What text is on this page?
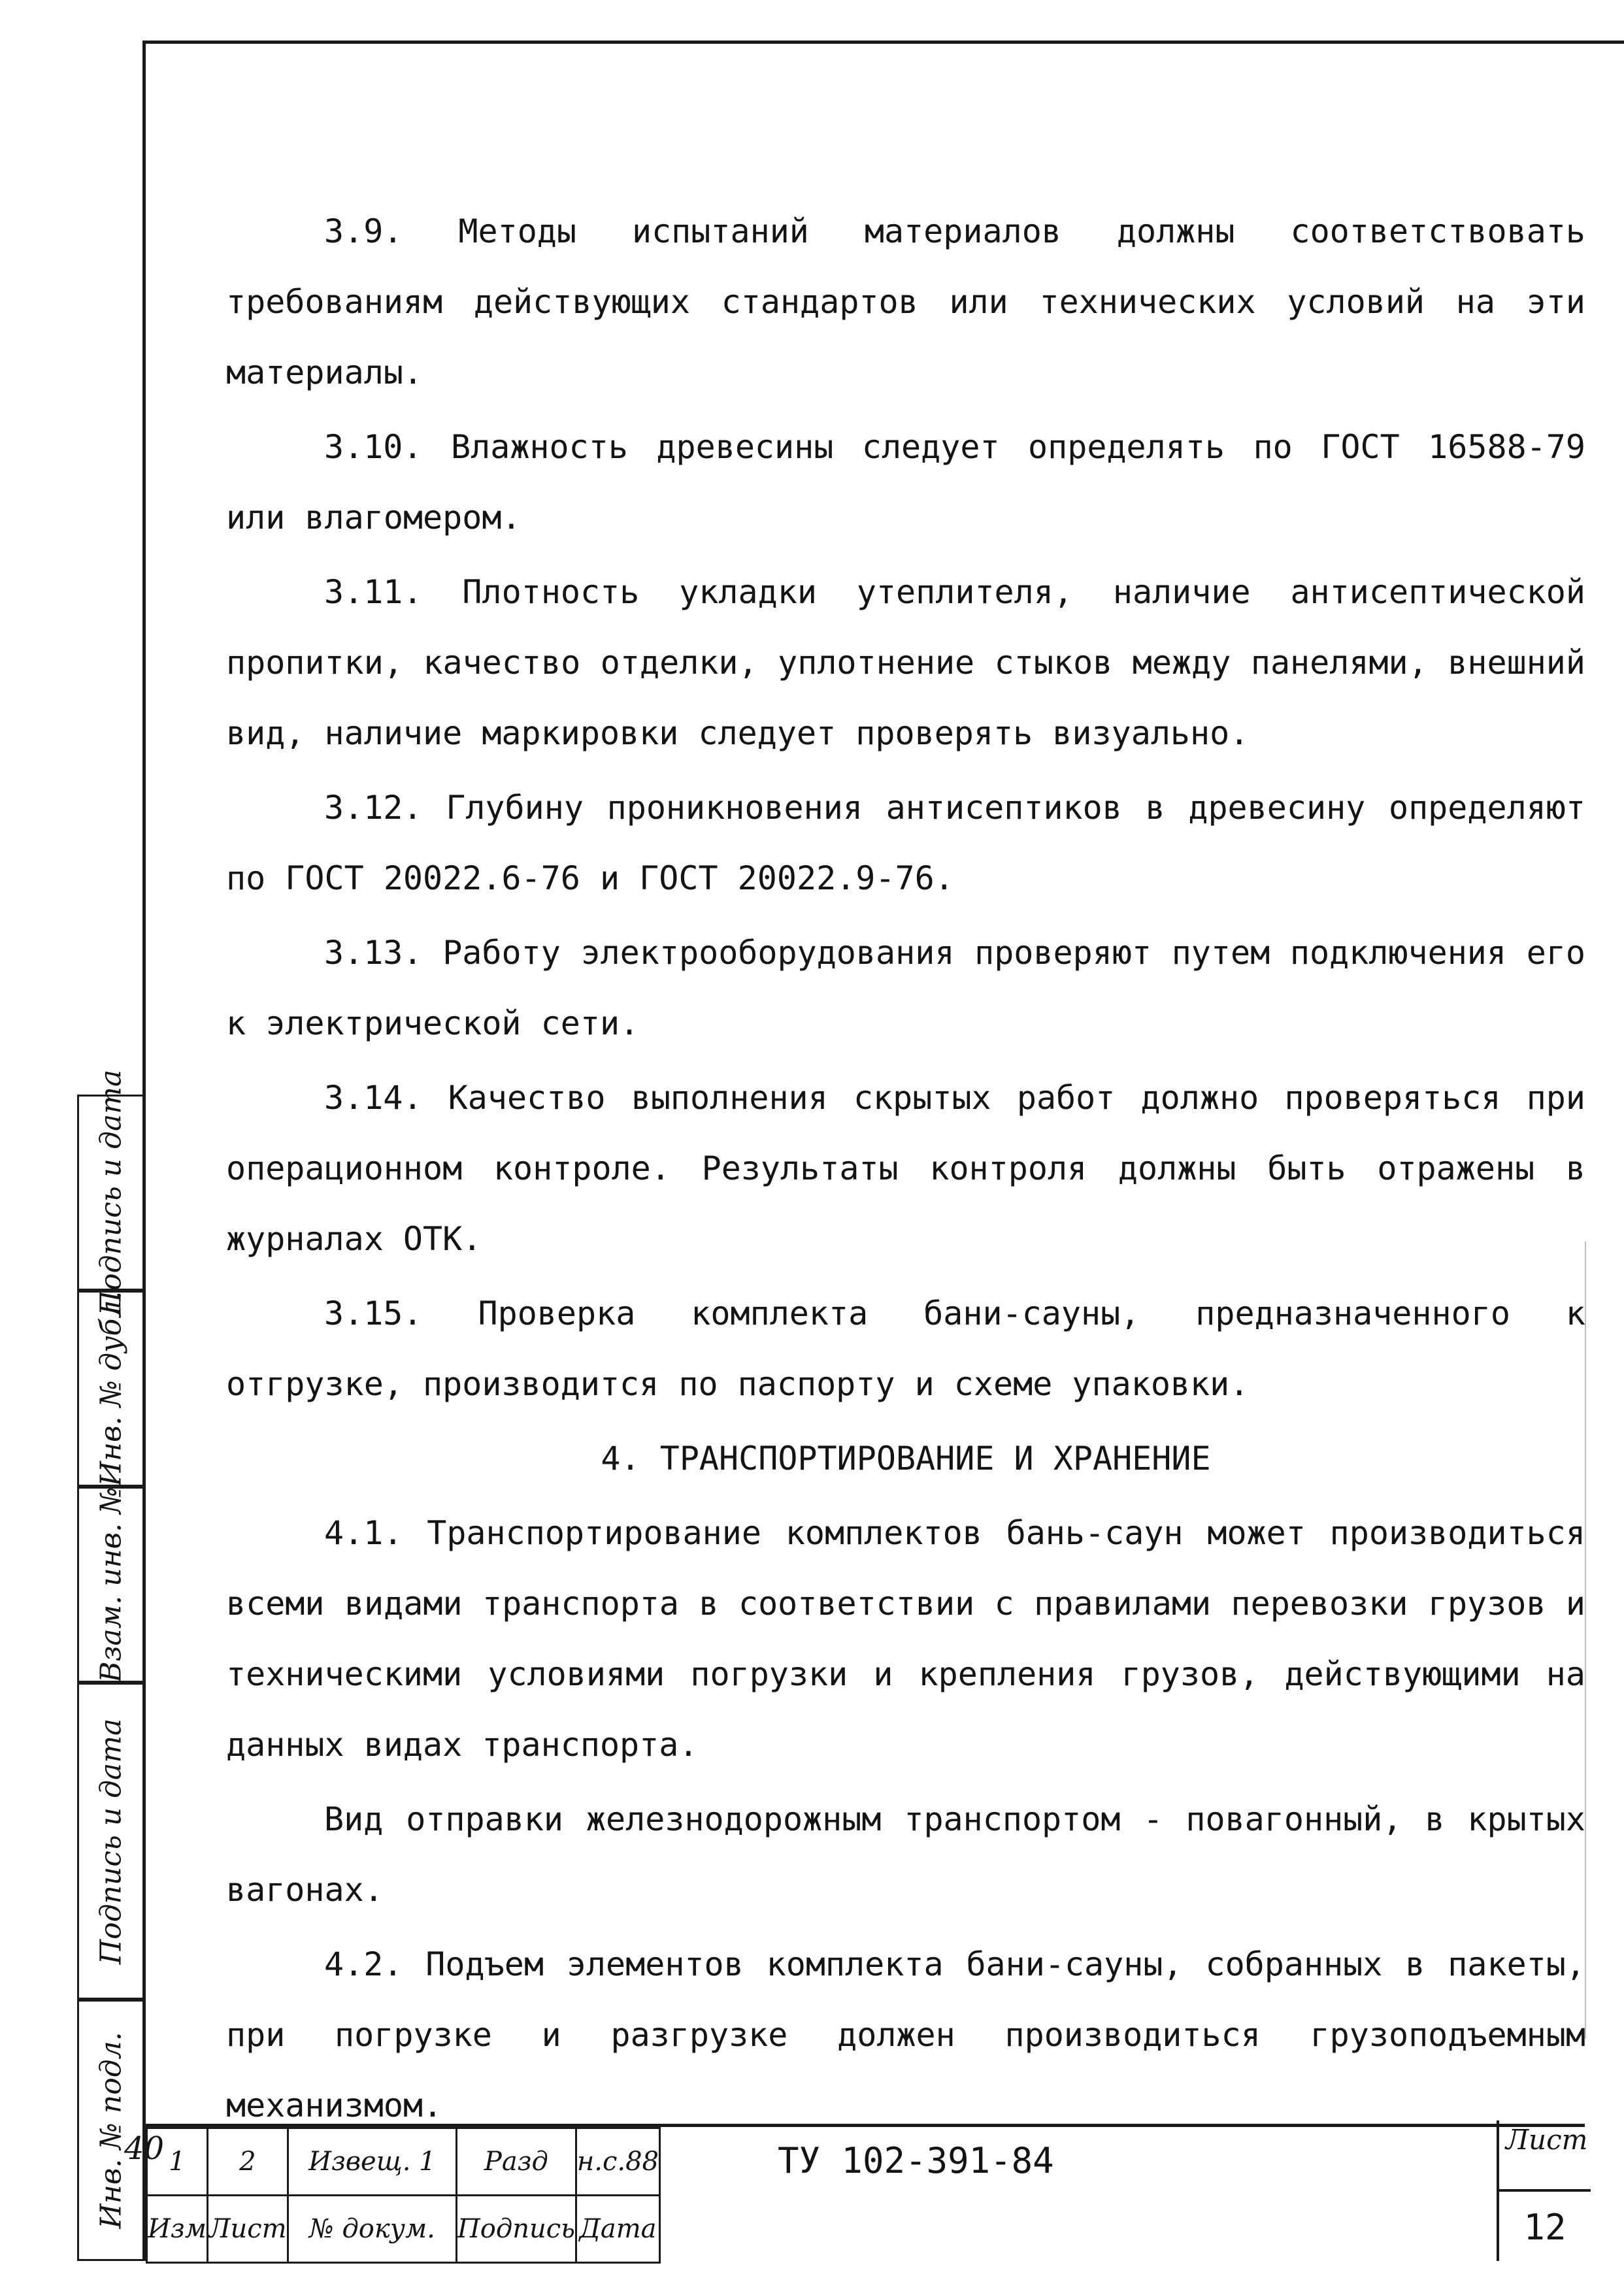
3.9. Методы испытаний материалов должны соответствовать требованиям действующих стандартов или технических условий на эти материалы.

3.10. Влажность древесины следует определять по ГОСТ 16588-79 или влагомером.

3.11. Плотность укладки утеплителя, наличие антисептической пропитки, качество отделки, уплотнение стыков между панелями, внешний вид, наличие маркировки следует проверять визуально.

3.12. Глубину проникновения антисептиков в древесину определяют по ГОСТ 20022.6-76 и ГОСТ 20022.9-76.

3.13. Работу электрооборудования проверяют путем подключения его к электрической сети.

3.14. Качество выполнения скрытых работ должно проверяться при операционном контроле. Результаты контроля должны быть отражены в журналах ОТК.

3.15. Проверка комплекта бани-сауны, предназначенного к отгрузке, производится по паспорту и схеме упаковки.

4. ТРАНСПОРТИРОВАНИЕ И ХРАНЕНИЕ

4.1. Транспортирование комплектов бань-саун может производиться всеми видами транспорта в соответствии с правилами перевозки грузов и техническими условиями погрузки и крепления грузов, действующими на данных видах транспорта.

Вид отправки железнодорожным транспортом - повагонный, в крытых вагонах.

4.2. Подъем элементов комплекта бани-сауны, собранных в пакеты, при погрузке и разгрузке должен производиться грузоподъемным механизмом.

Подпись и дата
Инв. № дубл.
Взам. инв. №
Подпись и дата
Инв. № подл.
40 1	2	Извещ. 1	Разд	н.с.88
Изм	Лист	№ докум.	Подпись	Дата
ТУ 102-391-84
Лист
12
